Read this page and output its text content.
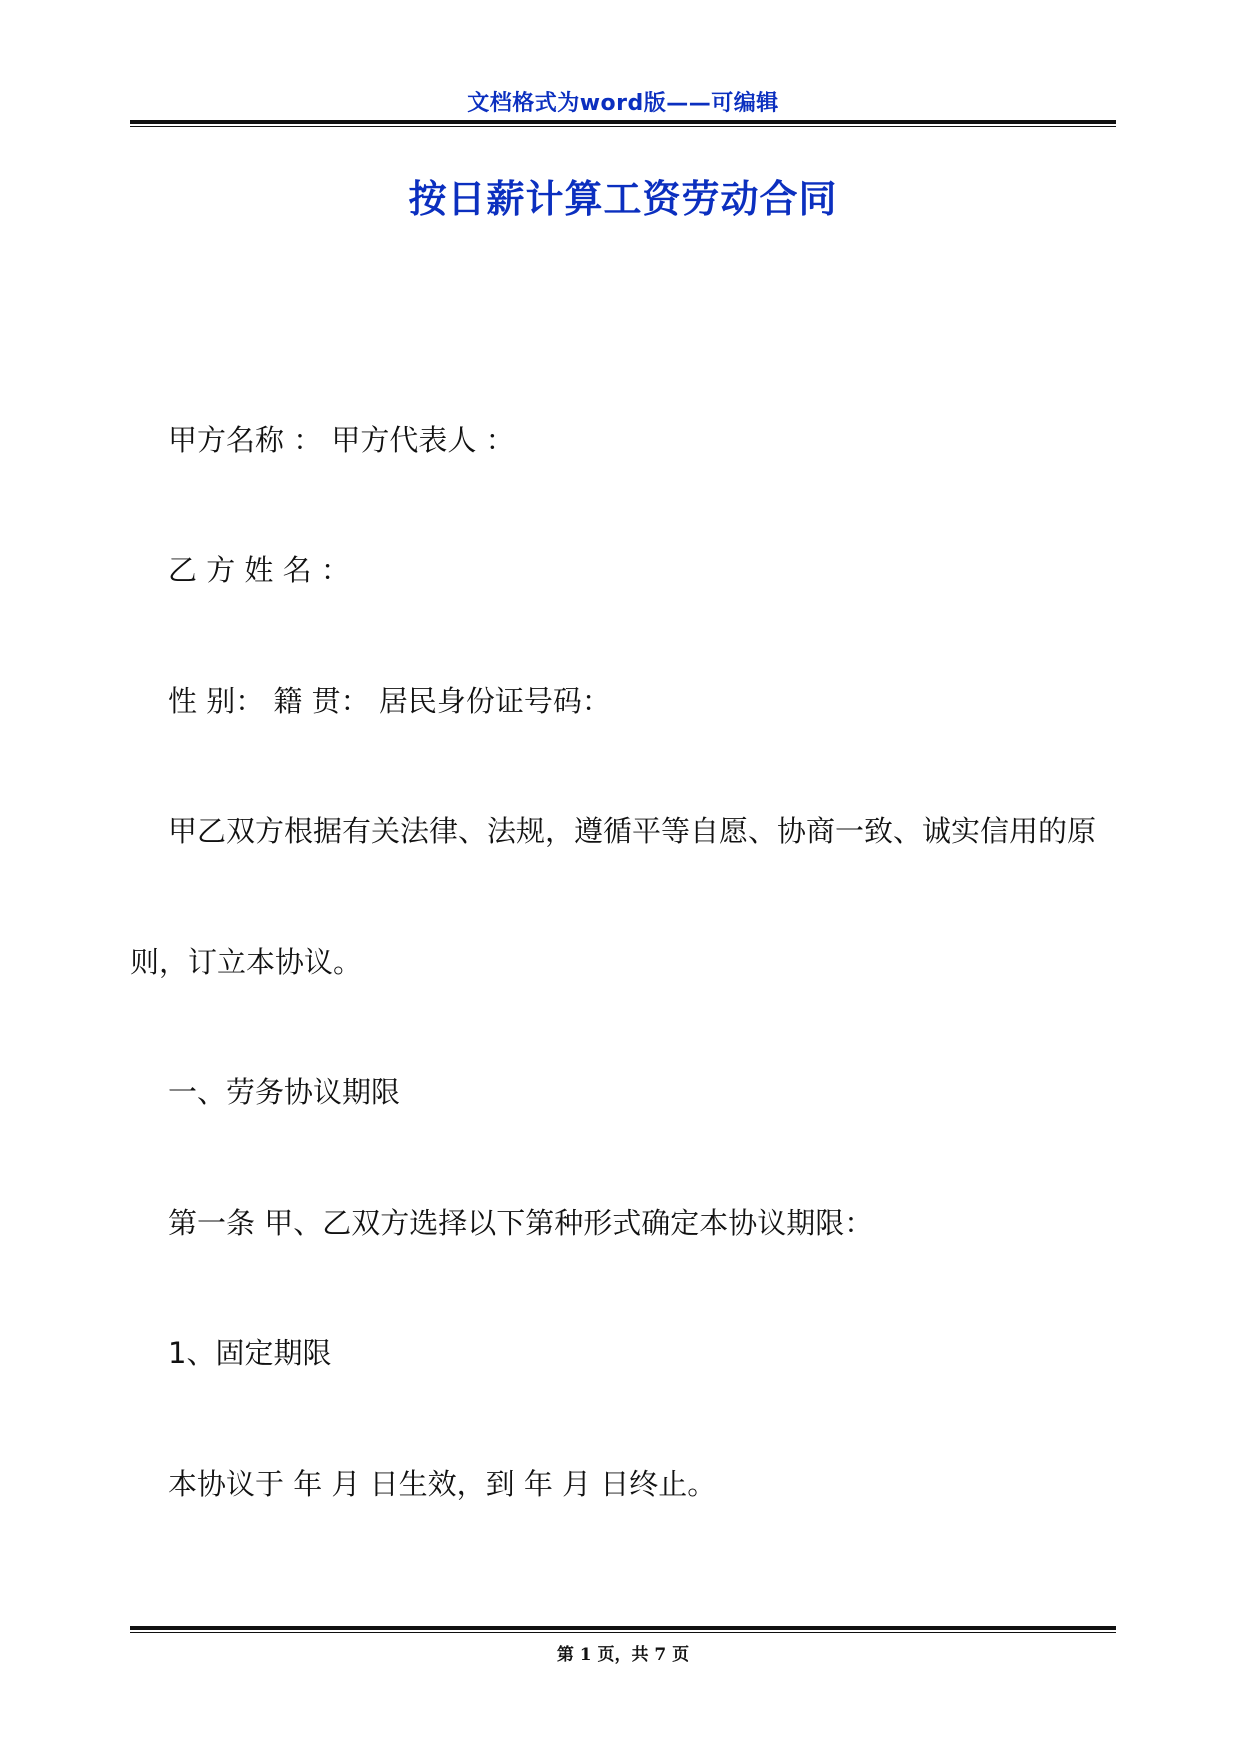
文档格式为word版——可编辑
按日薪计算工资劳动合同
甲方名称 ： 甲方代表人 ：
乙 方 姓 名 ：
性 别： 籍 贯： 居民身份证号码：
甲乙双方根据有关法律、法规，遵循平等自愿、协商一致、诚实信用的原
则，订立本协议。
一、劳务协议期限
第一条 甲、乙双方选择以下第种形式确定本协议期限：
1、固定期限
本协议于 年 月 日生效，到 年 月 日终止。
第 1 页，共 7 页
